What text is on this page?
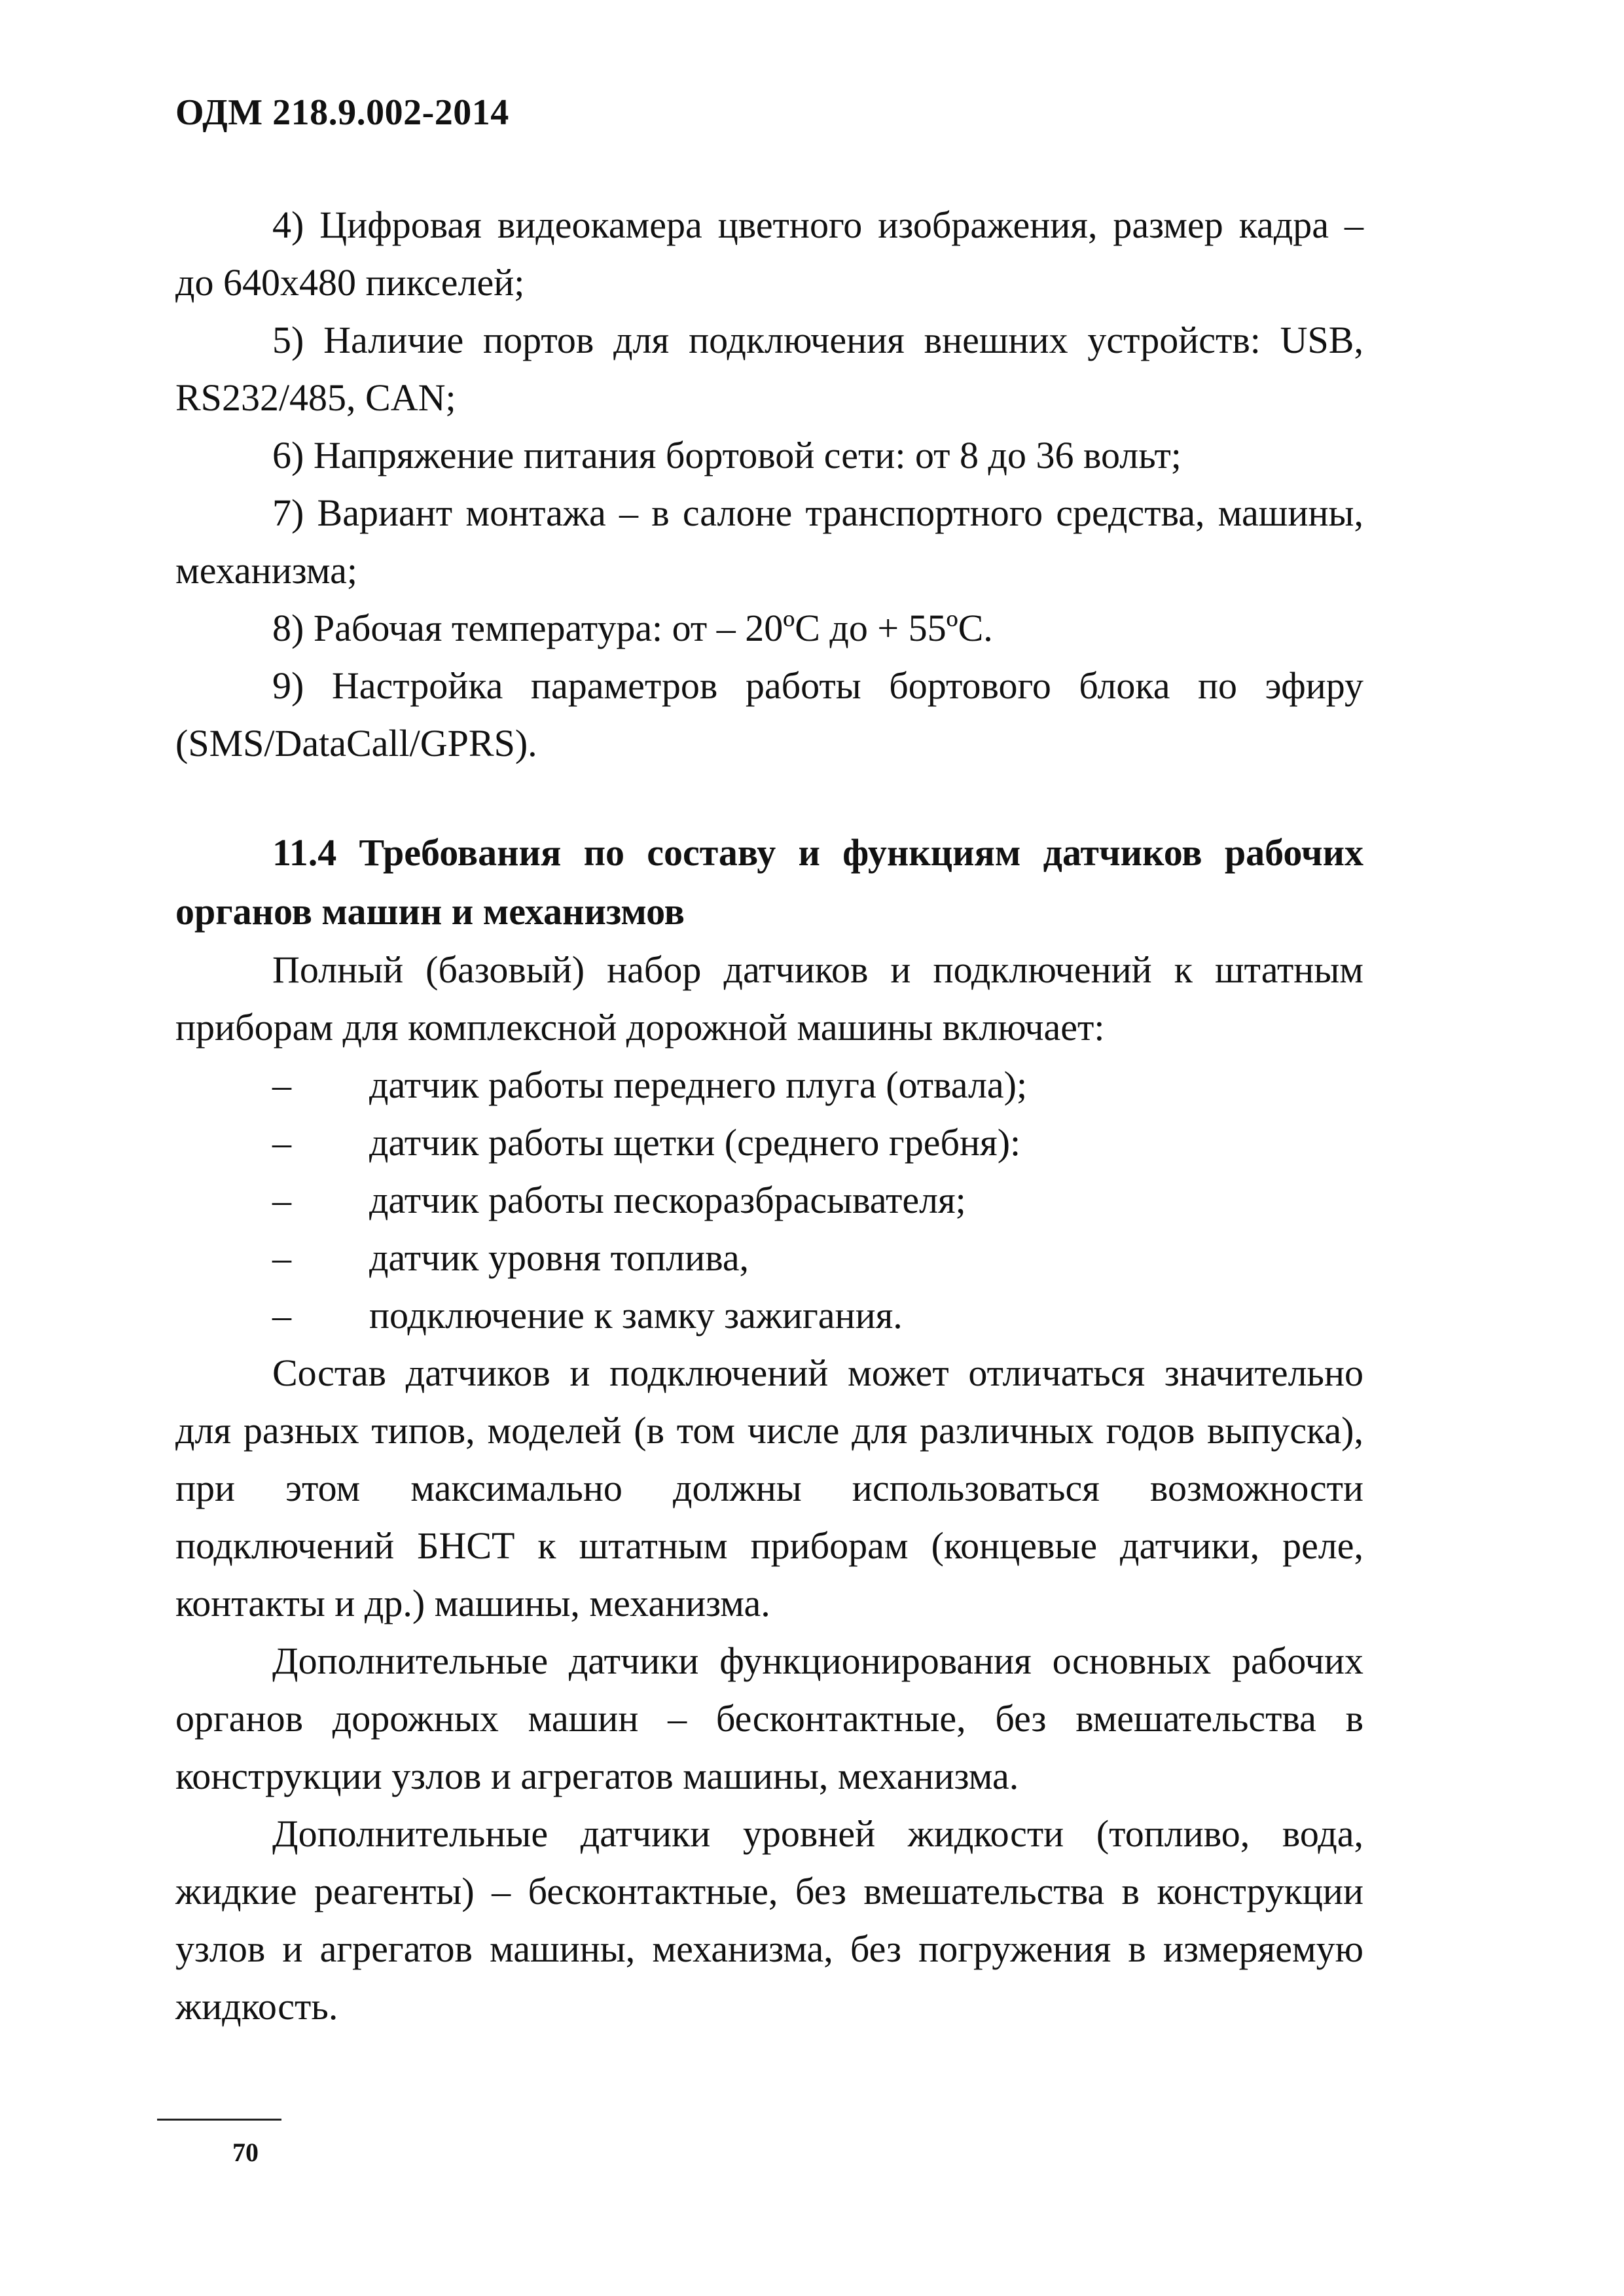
ОДМ 218.9.002-2014

4) Цифровая видеокамера цветного изображения, размер кадра – до 640x480 пикселей;

5) Наличие портов для подключения внешних устройств: USB, RS232/485, CAN;

6) Напряжение питания бортовой сети: от 8 до 36 вольт;

7) Вариант монтажа – в салоне транспортного средства, машины, механизма;

8) Рабочая температура: от – 20ºС до + 55ºС.

9) Настройка параметров работы бортового блока по эфиру (SMS/DataCall/GPRS).

11.4 Требования по составу и функциям датчиков рабочих органов машин и механизмов

Полный (базовый) набор датчиков и подключений к штатным приборам для комплексной дорожной машины включает:

–	датчик работы переднего плуга (отвала);
–	датчик работы щетки (среднего гребня):
–	датчик работы пескоразбрасывателя;
–	датчик уровня топлива,
–	подключение к замку зажигания.

Состав датчиков и подключений может отличаться значительно для разных типов, моделей (в том числе для различных годов выпуска), при этом максимально должны использоваться возможности подключений БНСТ к штатным приборам (концевые датчики, реле, контакты и др.) машины, механизма.

Дополнительные датчики функционирования основных рабочих органов дорожных машин – бесконтактные, без вмешательства в конструкции узлов и агрегатов машины, механизма.

Дополнительные датчики уровней жидкости (топливо, вода, жидкие реагенты) – бесконтактные, без вмешательства в конструкции узлов и агрегатов машины, механизма, без погружения в измеряемую жидкость.

70
